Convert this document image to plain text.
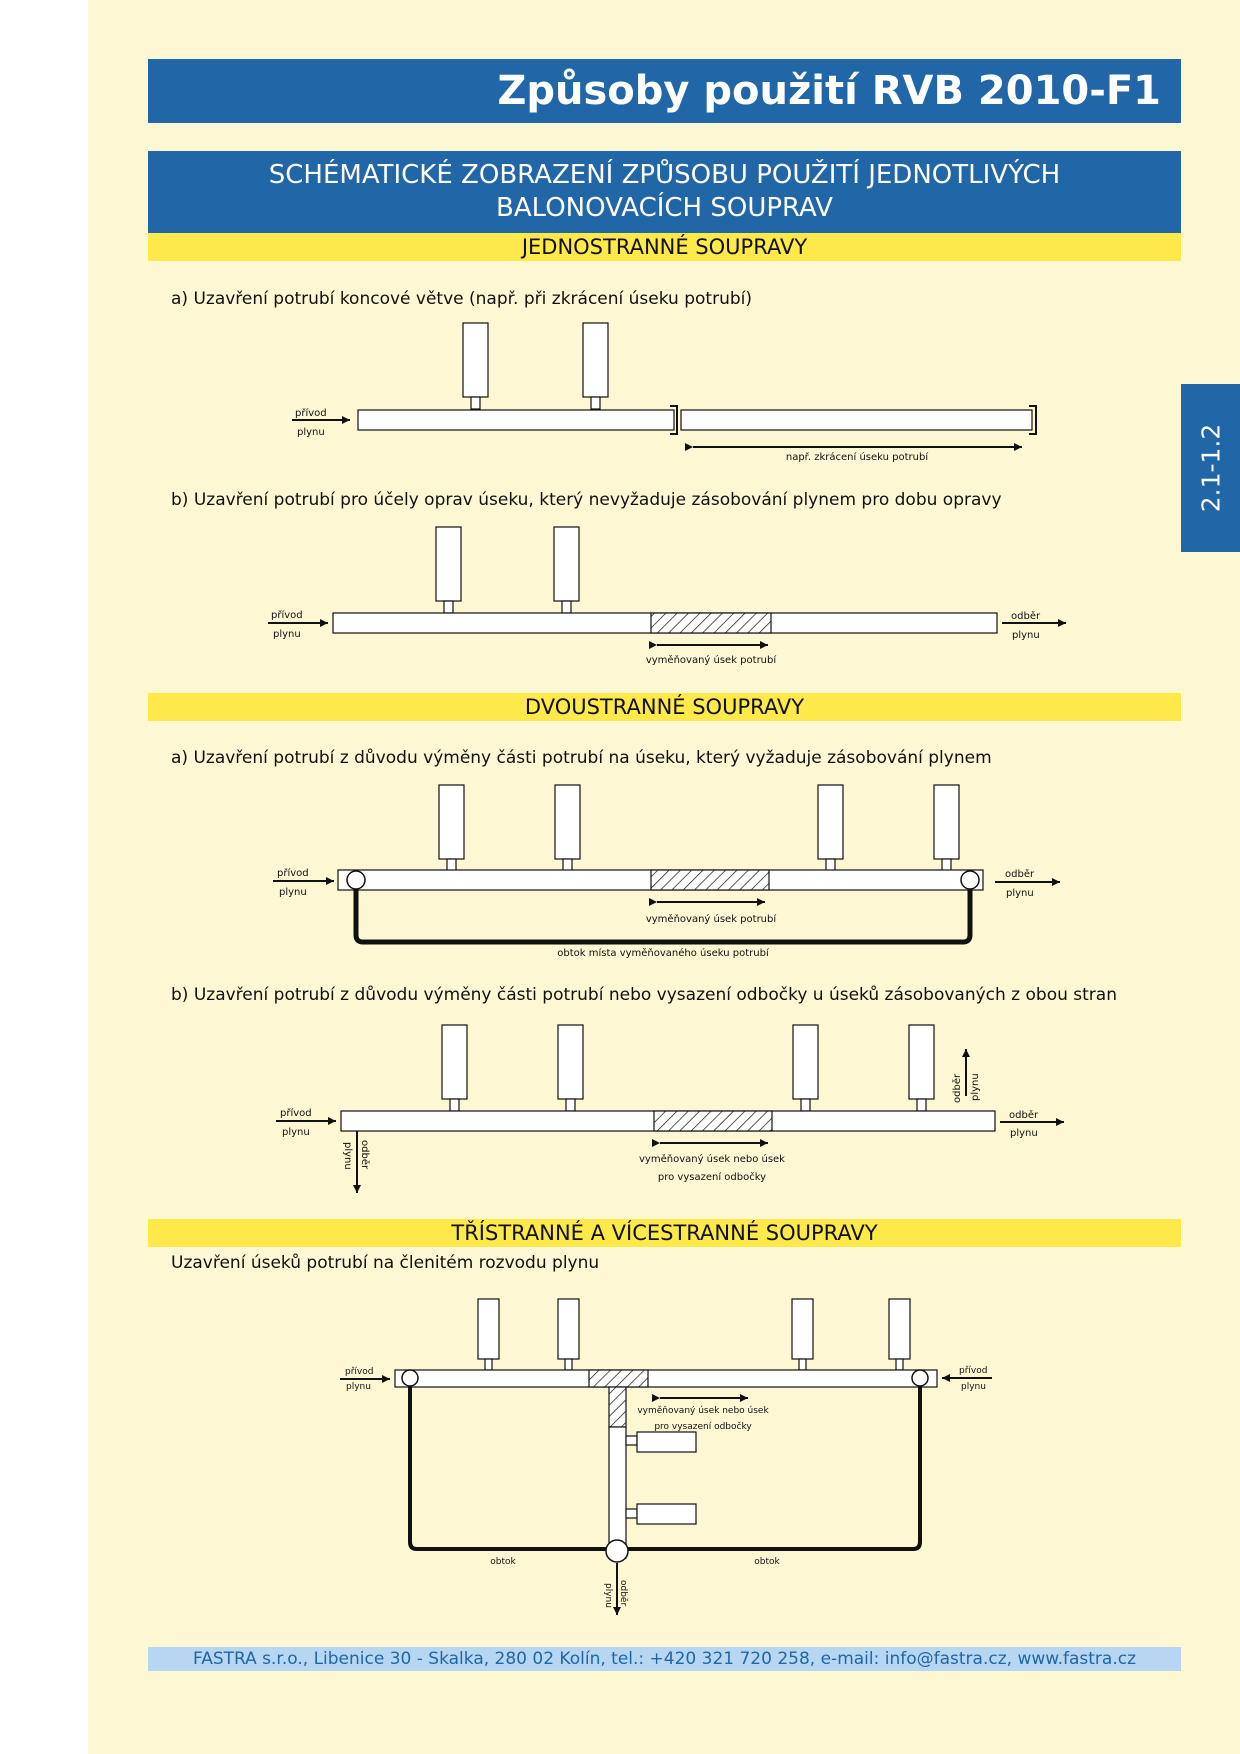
Způsoby použití RVB 2010-F1
SCHÉMATICKÉ ZOBRAZENÍ ZPŮSOBU POUŽITÍ JEDNOTLIVÝCH
BALONOVACÍCH SOUPRAV
2.1-1.2
JEDNOSTRANNÉ SOUPRAVY
a) Uzavření potrubí koncové větve (např. při zkrácení úseku potrubí)
b) Uzavření potrubí pro účely oprav úseku, který nevyžaduje zásobování plynem pro dobu opravy
DVOUSTRANNÉ SOUPRAVY
a) Uzavření potrubí z důvodu výměny části potrubí na úseku, který vyžaduje zásobování plynem
b) Uzavření potrubí z důvodu výměny části potrubí nebo vysazení odbočky u úseků zásobovaných z obou stran
TŘÍSTRANNÉ A VÍCESTRANNÉ SOUPRAVY
Uzavření úseků potrubí na členitém rozvodu plynu
přívod
plynu
např. zkrácení úseku potrubí
přívod
plynu
odběr
plynu
vyměňovaný úsek potrubí
přívod
plynu
odběr
plynu
vyměňovaný úsek potrubí
obtok místa vyměňovaného úseku potrubí
přívod
plynu
odběr
plynu
plynu odběr
odběr plynu
vyměňovaný úsek nebo úsek
pro vysazení odbočky
plynu odběr
přívod
plynu
přívod
plynu
vyměňovaný úsek nebo úsek
pro vysazení odbočky
obtok	obtok
FASTRA s.r.o., Libenice 30 - Skalka, 280 02 Kolín, tel.: +420 321 720 258, e-mail: info@fastra.cz, www.fastra.cz
